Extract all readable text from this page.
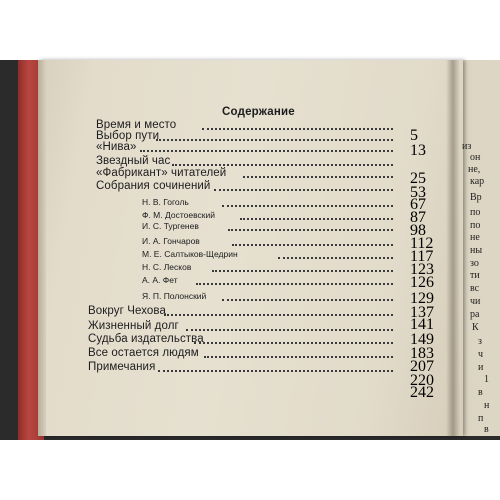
Содержание
Время и место
5
Выбор пути
13
«Нива»
Звездный час
25
«Фабрикант» читателей
53
Собрания сочинений
67
Н. В. Гоголь
87
Ф. М. Достоевский
98
И. С. Тургенев
112
И. А. Гончаров
117
М. Е. Салтыков-Щедрин
123
Н. С. Лесков
126
А. А. Фет
129
Я. П. Полонский
137
Вокруг Чехова
141
Жизненный долг
149
Судьба издательства
183
Все остается людям
207
Примечания
220
242
из
он
не,
кар
Вр
по
по
не
ны
зо
ти
вс
чи
ра
К
з
ч
и
1
в
н
п
в
